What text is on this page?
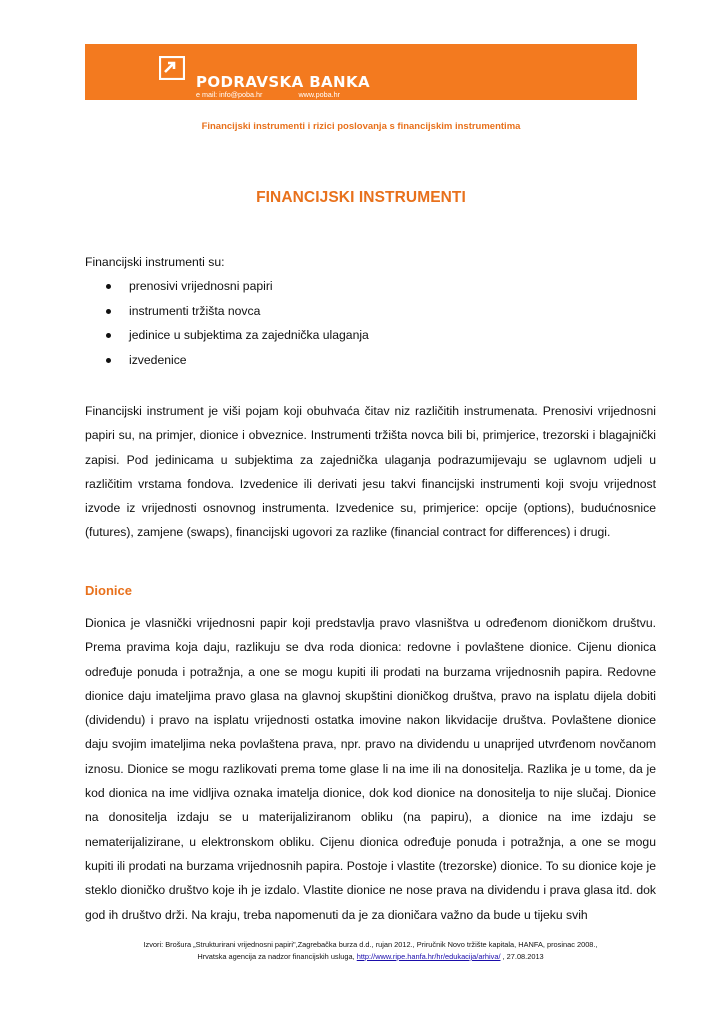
PODRAVSKA BANKA
e mail: info@poba.hr	www.poba.hr
Financijski instrumenti i rizici poslovanja s financijskim instrumentima
FINANCIJSKI INSTRUMENTI
Financijski instrumenti su:
prenosivi vrijednosni papiri
instrumenti tržišta novca
jedinice u subjektima za zajednička ulaganja
izvedenice

Financijski instrument je viši pojam koji obuhvaća čitav niz različitih instrumenata. Prenosivi vrijednosni papiri su, na primjer, dionice i obveznice. Instrumenti tržišta novca bili bi, primjerice, trezorski i blagajnički zapisi. Pod jedinicama u subjektima za zajednička ulaganja podrazumijevaju se uglavnom udjeli u različitim vrstama fondova. Izvedenice ili derivati jesu takvi financijski instrumenti koji svoju vrijednost izvode iz vrijednosti osnovnog instrumenta. Izvedenice su, primjerice: opcije (options), budućnosnice (futures), zamjene (swaps), financijski ugovori za razlike (financial contract for differences) i drugi.

Dionice

Dionica je vlasnički vrijednosni papir koji predstavlja pravo vlasništva u određenom dioničkom društvu. Prema pravima koja daju, razlikuju se dva roda dionica: redovne i povlaštene dionice. Cijenu dionica određuje ponuda i potražnja, a one se mogu kupiti ili prodati na burzama vrijednosnih papira. Redovne dionice daju imateljima pravo glasa na glavnoj skupštini dioničkog društva, pravo na isplatu dijela dobiti (dividendu) i pravo na isplatu vrijednosti ostatka imovine nakon likvidacije društva. Povlaštene dionice daju svojim imateljima neka povlaštena prava, npr. pravo na dividendu u unaprijed utvrđenom novčanom iznosu. Dionice se mogu razlikovati prema tome glase li na ime ili na donositelja. Razlika je u tome, da je kod dionica na ime vidljiva oznaka imatelja dionice, dok kod dionice na donositelja to nije slučaj. Dionice na donositelja izdaju se u materijaliziranom obliku (na papiru), a dionice na ime izdaju se nematerijalizirane, u elektronskom obliku. Cijenu dionica određuje ponuda i potražnja, a one se mogu kupiti ili prodati na burzama vrijednosnih papira. Postoje i vlastite (trezorske) dionice. To su dionice koje je steklo dioničko društvo koje ih je izdalo. Vlastite dionice ne nose prava na dividendu i prava glasa itd. dok god ih društvo drži. Na kraju, treba napomenuti da je za dioničara važno da bude u tijeku svih

Izvori: Brošura „Strukturirani vrijednosni papiri",Zagrebačka burza d.d., rujan 2012., Priručnik Novo tržište kapitala, HANFA, prosinac 2008.,
Hrvatska agencija za nadzor financijskih usluga, http://www.ripe.hanfa.hr/hr/edukacija/arhiva/ , 27.08.2013
